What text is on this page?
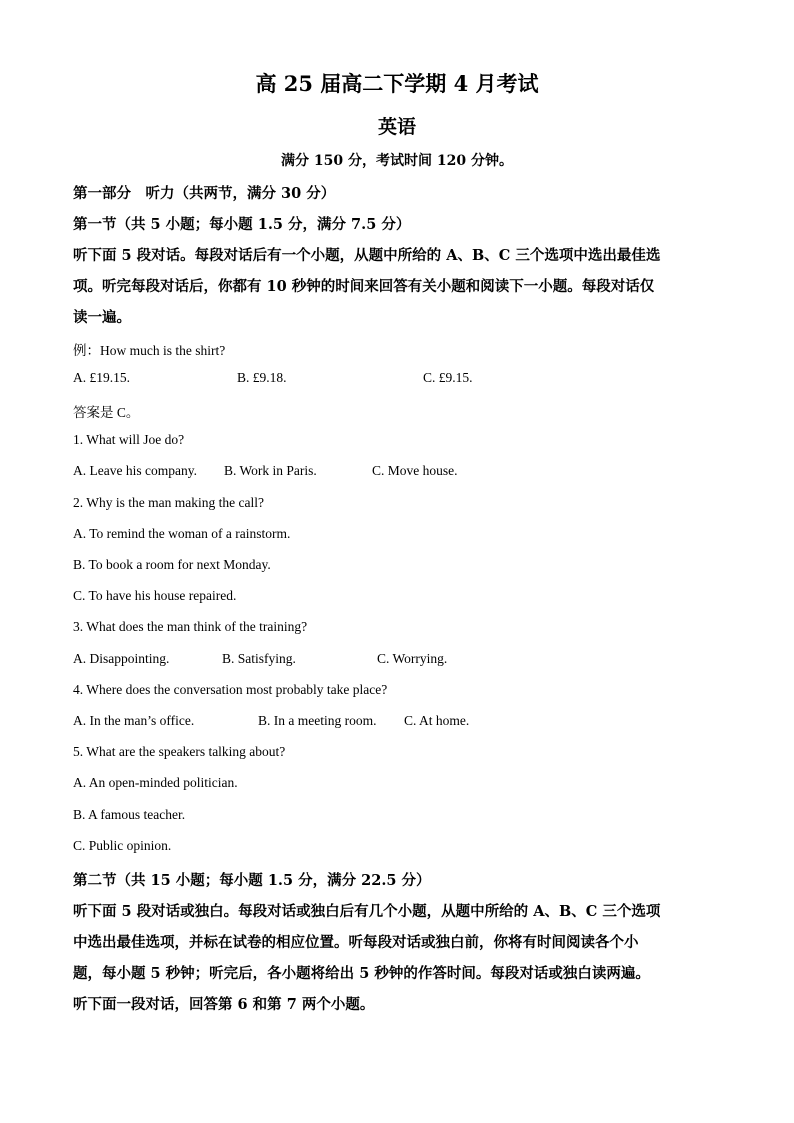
高 25 届高二下学期 4 月考试
英语
满分 150 分，考试时间 120 分钟。
第一部分　听力（共两节，满分 30 分）
第一节（共 5 小题；每小题 1.5 分，满分 7.5 分）
听下面 5 段对话。每段对话后有一个小题，从题中所给的 A、B、C 三个选项中选出最佳选
项。听完每段对话后，你都有 10 秒钟的时间来回答有关小题和阅读下一小题。每段对话仅
读一遍。
例：How much is the shirt?
A. £19.15.	B. £9.18.	C. £9.15.
答案是 C。
1. What will Joe do?
A. Leave his company. B. Work in Paris.	C. Move house.
2. Why is the man making the call?
A. To remind the woman of a rainstorm.
B. To book a room for next Monday.
C. To have his house repaired.
3. What does the man think of the training?
A. Disappointing.	B. Satisfying.	C. Worrying.
4. Where does the conversation most probably take place?
A. In the man’s office.	B. In a meeting room. C. At home.
5. What are the speakers talking about?
A. An open-minded politician.
B. A famous teacher.
C. Public opinion.
第二节（共 15 小题；每小题 1.5 分，满分 22.5 分）
听下面 5 段对话或独白。每段对话或独白后有几个小题，从题中所给的 A、B、C 三个选项
中选出最佳选项，并标在试卷的相应位置。听每段对话或独白前，你将有时间阅读各个小
题，每小题 5 秒钟；听完后，各小题将给出 5 秒钟的作答时间。每段对话或独白读两遍。
听下面一段对话，回答第 6 和第 7 两个小题。
